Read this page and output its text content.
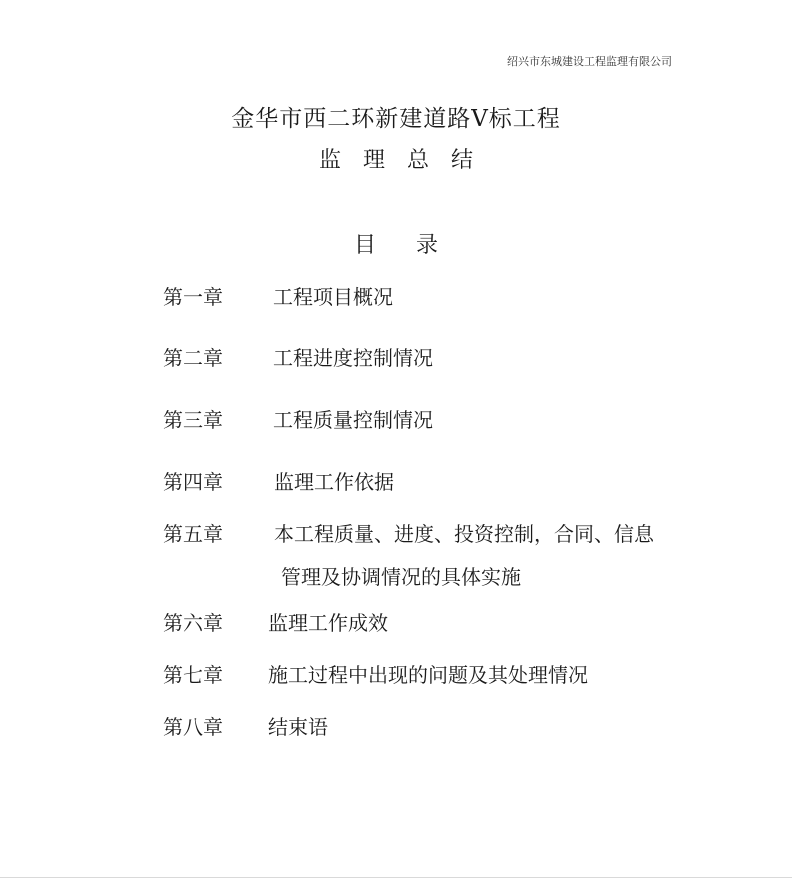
绍兴市东城建设工程监理有限公司
金华市西二环新建道路Ⅴ标工程
监理总结
目录
第一章	工程项目概况
第二章	工程进度控制情况
第三章	工程质量控制情况
第四章	监理工作依据
第五章	本工程质量、进度、投资控制，合同、信息
管理及协调情况的具体实施
第六章 监理工作成效
第七章 施工过程中出现的问题及其处理情况
第八章 结束语
